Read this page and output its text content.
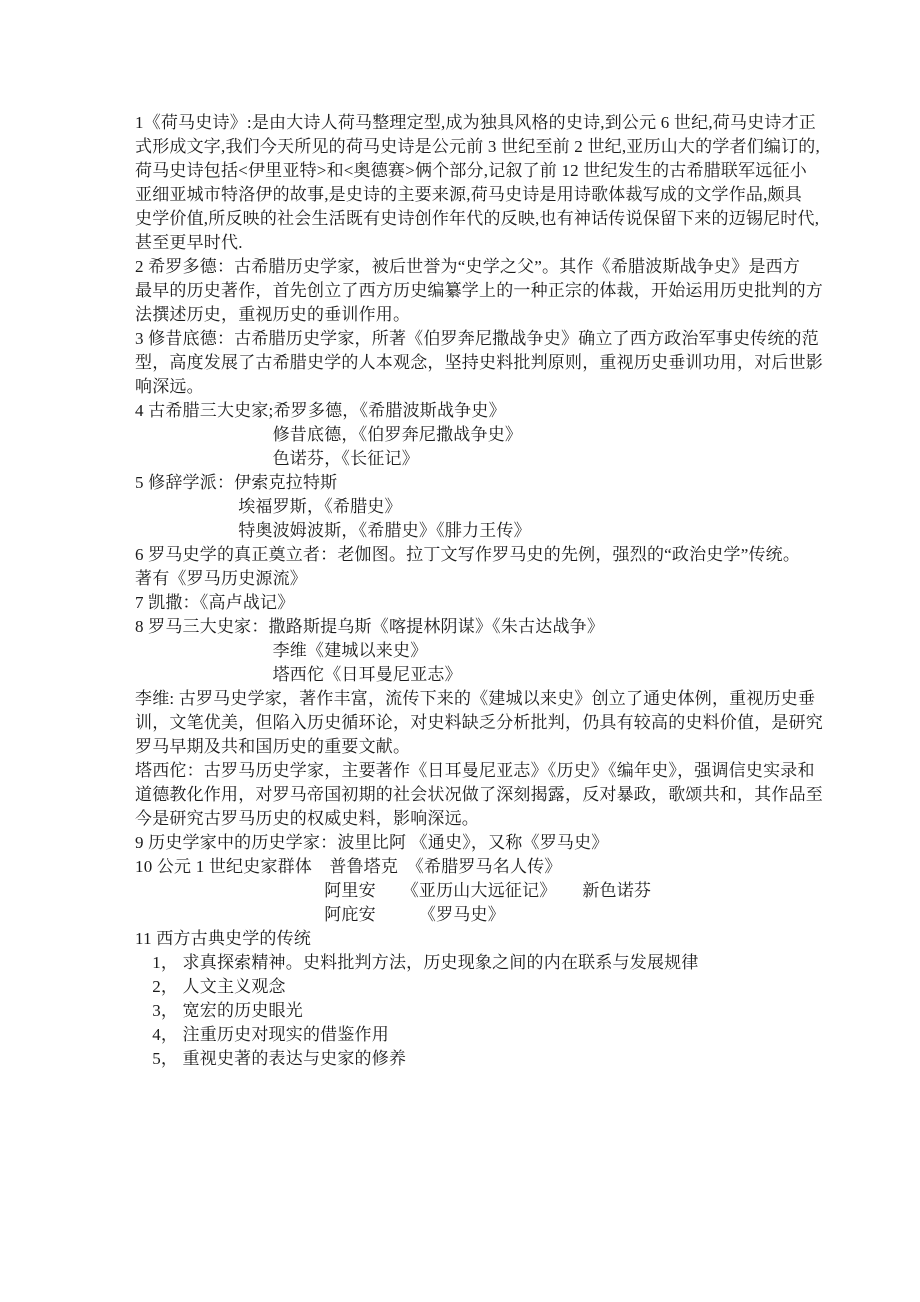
1《荷马史诗》:是由大诗人荷马整理定型,成为独具风格的史诗,到公元 6 世纪,荷马史诗才正
式形成文字,我们今天所见的荷马史诗是公元前 3 世纪至前 2 世纪,亚历山大的学者们编订的,
荷马史诗包括<伊里亚特>和<奥德赛>俩个部分,记叙了前 12 世纪发生的古希腊联军远征小
亚细亚城市特洛伊的故事,是史诗的主要来源,荷马史诗是用诗歌体裁写成的文学作品,颇具
史学价值,所反映的社会生活既有史诗创作年代的反映,也有神话传说保留下来的迈锡尼时代,
甚至更早时代.
2 希罗多德：古希腊历史学家，被后世誉为“史学之父”。其作《希腊波斯战争史》是西方
最早的历史著作，首先创立了西方历史编纂学上的一种正宗的体裁，开始运用历史批判的方
法撰述历史，重视历史的垂训作用。
3 修昔底德：古希腊历史学家，所著《伯罗奔尼撒战争史》确立了西方政治军事史传统的范
型，高度发展了古希腊史学的人本观念，坚持史料批判原则，重视历史垂训功用，对后世影
响深远。
4 古希腊三大史家;希罗多德，《希腊波斯战争史》
　　　　　　　　修昔底德，《伯罗奔尼撒战争史》
　　　　　　　　色诺芬，《长征记》
5 修辞学派：伊索克拉特斯
　　　　　　埃福罗斯，《希腊史》
　　　　　　特奥波姆波斯，《希腊史》《腓力王传》
6 罗马史学的真正奠立者：老伽图。拉丁文写作罗马史的先例，强烈的“政治史学”传统。
著有《罗马历史源流》
7 凯撒：《高卢战记》
8 罗马三大史家：撒路斯提乌斯《喀提林阴谋》《朱古达战争》
　　　　　　　　李维《建城以来史》
　　　　　　　　塔西佗《日耳曼尼亚志》
李维: 古罗马史学家，著作丰富，流传下来的《建城以来史》创立了通史体例，重视历史垂
训，文笔优美，但陷入历史循环论，对史料缺乏分析批判，仍具有较高的史料价值，是研究
罗马早期及共和国历史的重要文献。
塔西佗：古罗马历史学家，主要著作《日耳曼尼亚志》《历史》《编年史》，强调信史实录和
道德教化作用，对罗马帝国初期的社会状况做了深刻揭露，反对暴政，歌颂共和，其作品至
今是研究古罗马历史的权威史料，影响深远。
9 历史学家中的历史学家：波里比阿 《通史》，又称《罗马史》
10 公元 1 世纪史家群体　普鲁塔克　《希腊罗马名人传》
　　　　　　　　　　　阿里安　　《亚历山大远征记》　　新色诺芬
　　　　　　　　　　　阿庇安　　　《罗马史》
11 西方古典史学的传统
　1， 求真探索精神。史料批判方法，历史现象之间的内在联系与发展规律
　2， 人文主义观念
　3， 宽宏的历史眼光
　4， 注重历史对现实的借鉴作用
　5， 重视史著的表达与史家的修养
